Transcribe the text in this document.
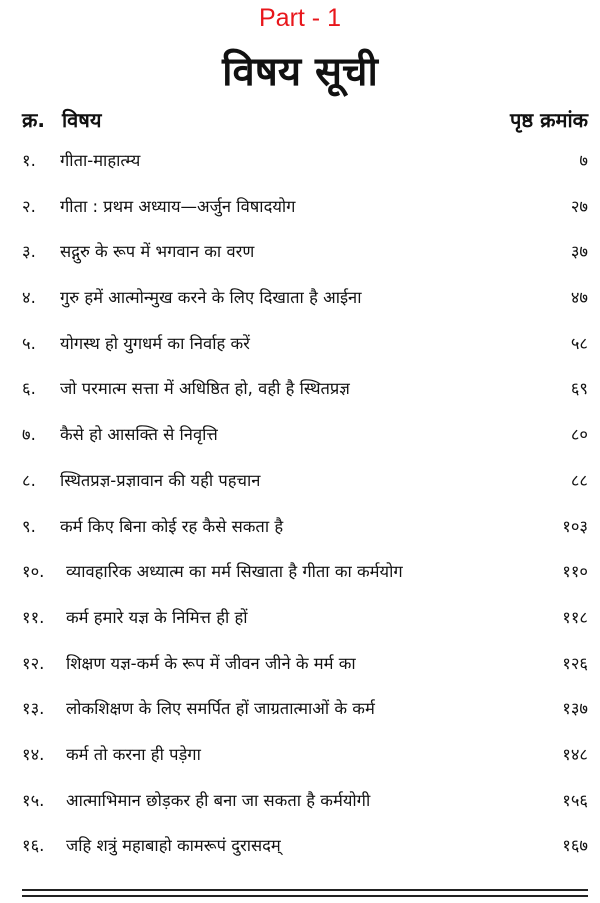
Part - 1
विषय सूची
क्र. विषय	पृष्ठ क्रमांक
१. गीता-माहात्म्य	७
२. गीता : प्रथम अध्याय—अर्जुन विषादयोग	२७
३. सद्गुरु के रूप में भगवान का वरण	३७
४. गुरु हमें आत्मोन्मुख करने के लिए दिखाता है आईना	४७
५. योगस्थ हो युगधर्म का निर्वाह करें	५८
६. जो परमात्म सत्ता में अधिष्ठित हो, वही है स्थितप्रज्ञ	६९
७. कैसे हो आसक्ति से निवृत्ति	८०
८. स्थितप्रज्ञ-प्रज्ञावान की यही पहचान	८८
९. कर्म किए बिना कोई रह कैसे सकता है	१०३
१०. व्यावहारिक अध्यात्म का मर्म सिखाता है गीता का कर्मयोग	११०
११. कर्म हमारे यज्ञ के निमित्त ही हों	११८
१२. शिक्षण यज्ञ-कर्म के रूप में जीवन जीने के मर्म का	१२६
१३. लोकशिक्षण के लिए समर्पित हों जाग्रतात्माओं के कर्म	१३७
१४. कर्म तो करना ही पड़ेगा	१४८
१५. आत्माभिमान छोड़कर ही बना जा सकता है कर्मयोगी	१५६
१६. जहि शत्रुं महाबाहो कामरूपं दुरासदम्	१६७
